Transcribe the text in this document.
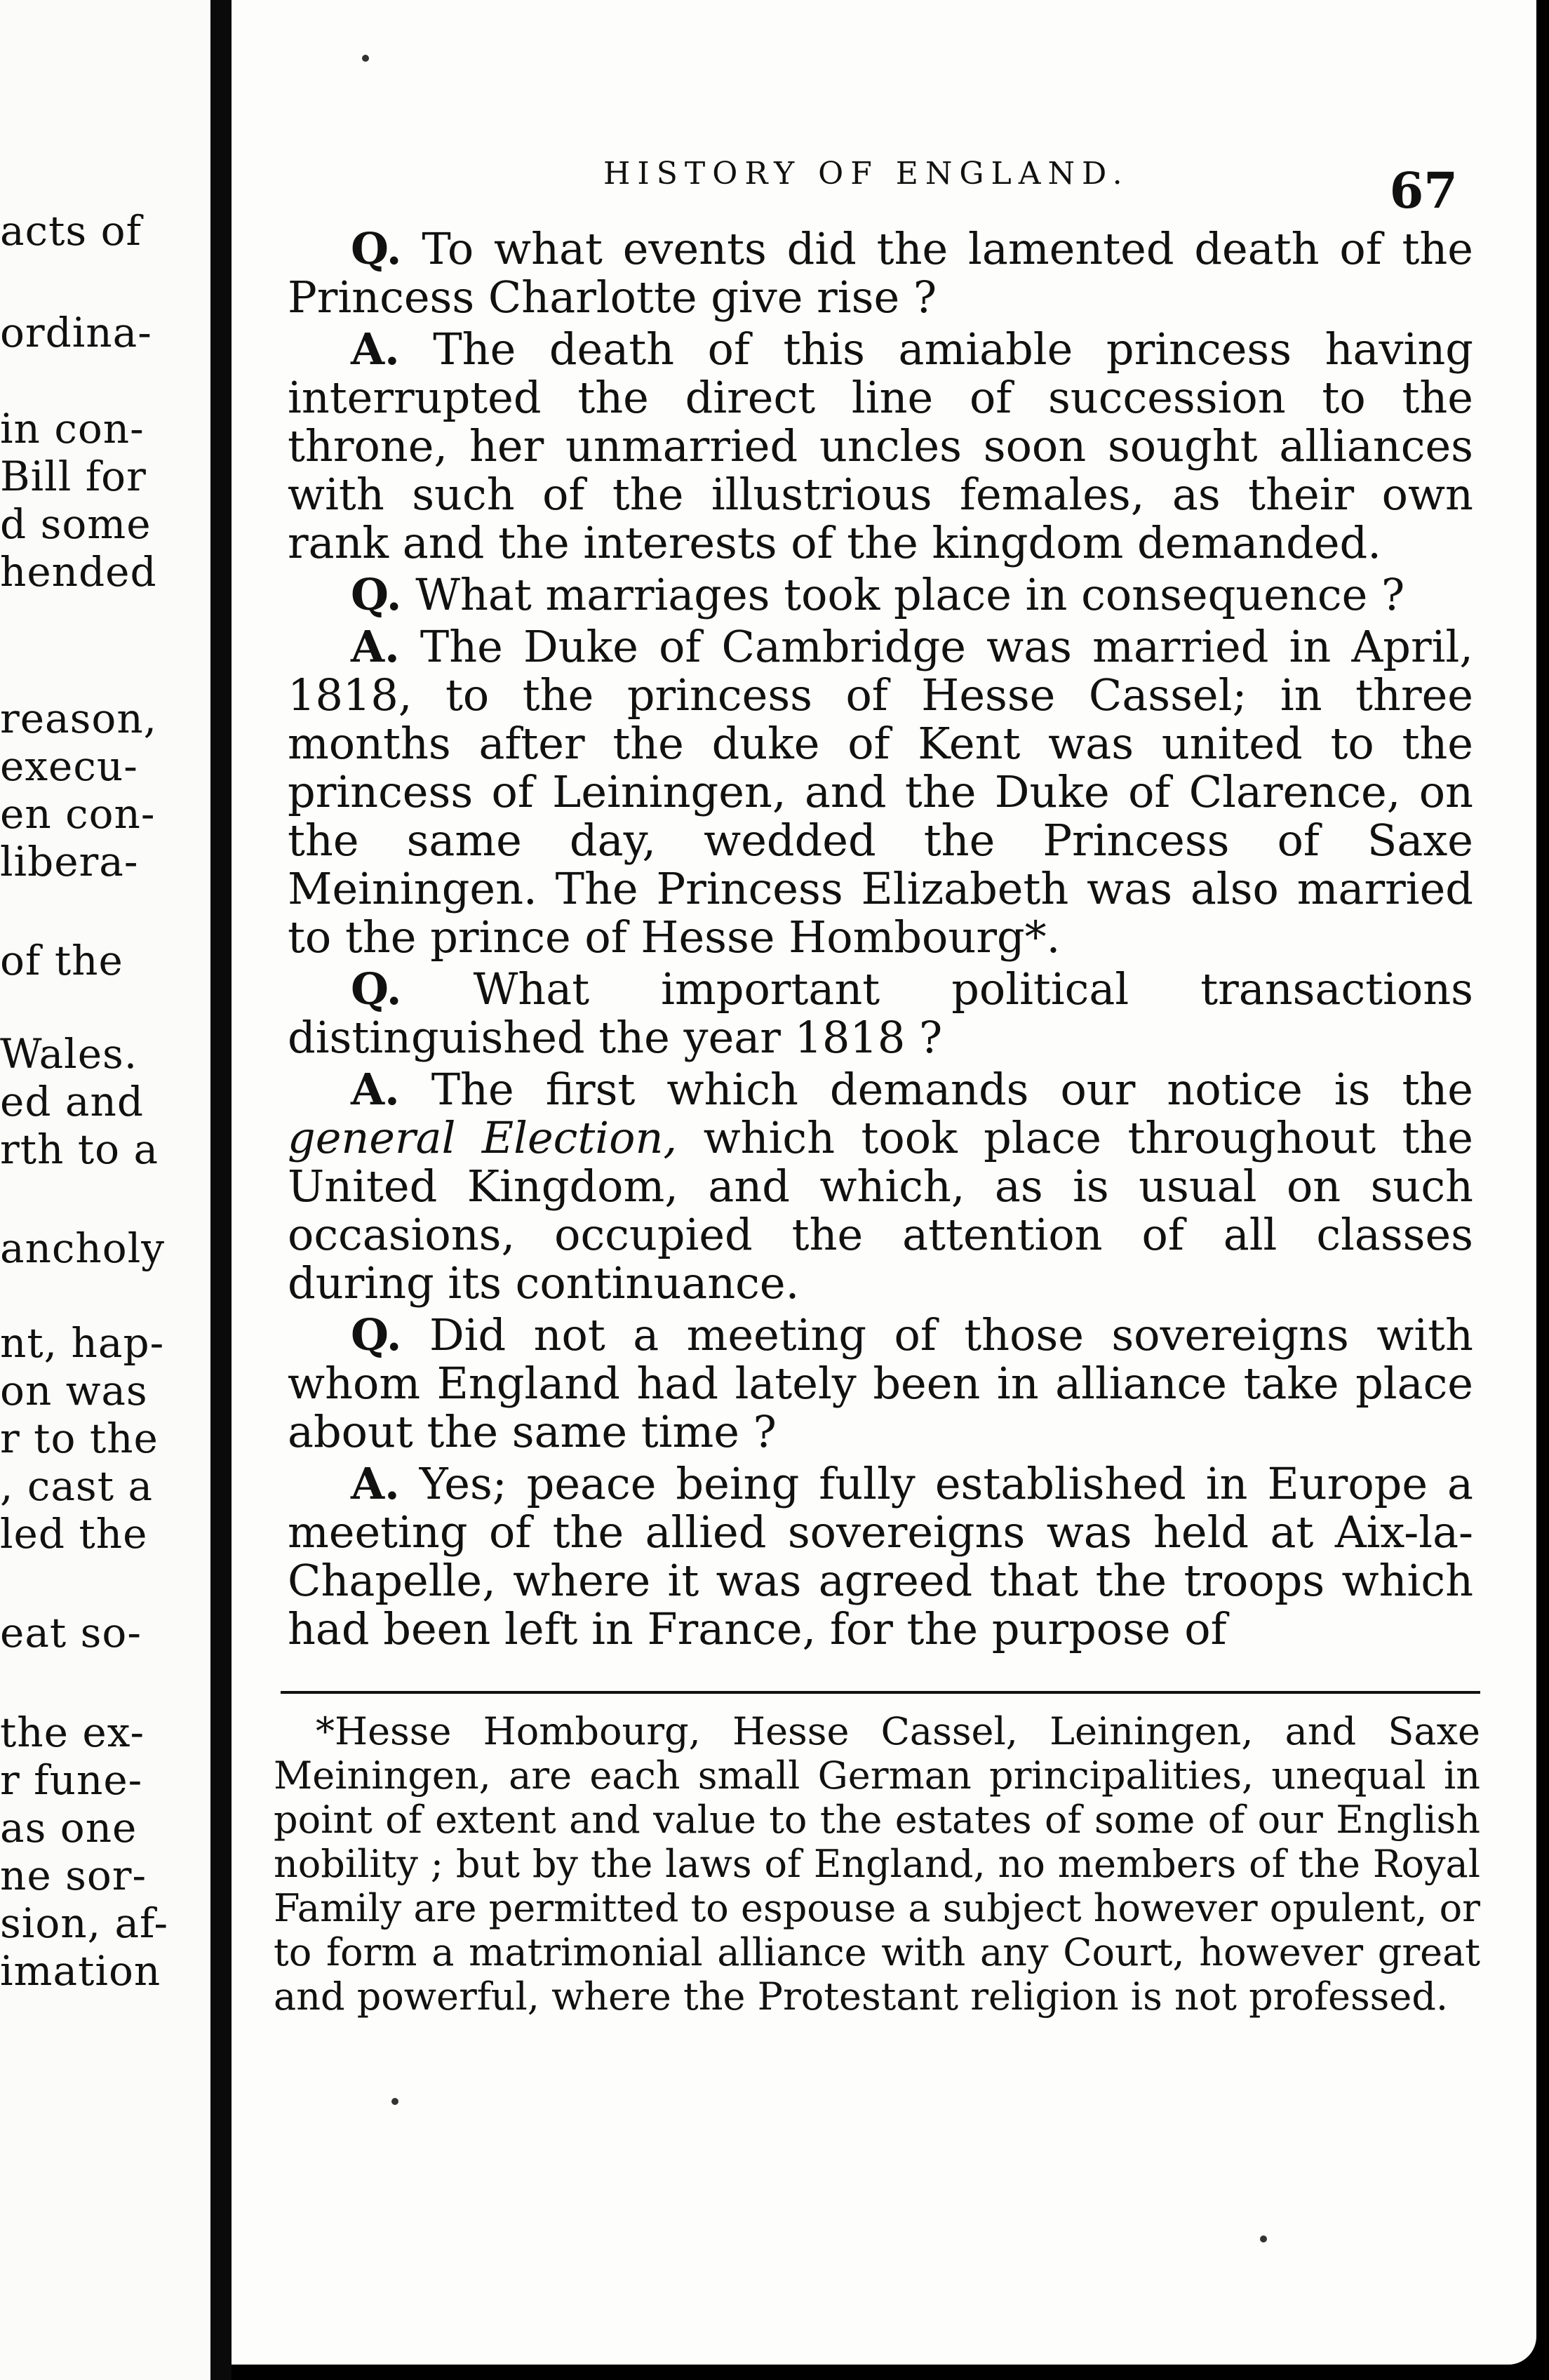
acts of
ordina-
in con-
Bill for
d some
hended
reason,
execu-
en con-
libera-
of the
Wales.
ed and
rth to a
ancholy
nt, hap-
on was
r to the
, cast a
led the
eat so-
the ex-
r fune-
as one
ne sor-
sion, af-
imation
HISTORY OF ENGLAND.	67

Q. To what events did the lamented death of the Princess Charlotte give rise ?

A. The death of this amiable princess having interrupted the direct line of succession to the throne, her unmarried uncles soon sought alliances with such of the illustrious females, as their own rank and the interests of the kingdom demanded.

Q. What marriages took place in consequence ?

A. The Duke of Cambridge was married in April, 1818, to the princess of Hesse Cassel; in three months after the duke of Kent was united to the princess of Leiningen, and the Duke of Clarence, on the same day, wedded the Princess of Saxe Meiningen. The Princess Elizabeth was also married to the prince of Hesse Hombourg*.

Q. What important political transactions distinguished the year 1818 ?

A. The first which demands our notice is the general Election, which took place throughout the United Kingdom, and which, as is usual on such occasions, occupied the attention of all classes during its continuance.

Q. Did not a meeting of those sovereigns with whom England had lately been in alliance take place about the same time ?

A. Yes; peace being fully established in Europe a meeting of the allied sovereigns was held at Aix-la-Chapelle, where it was agreed that the troops which had been left in France, for the purpose of

*Hesse Hombourg, Hesse Cassel, Leiningen, and Saxe Meiningen, are each small German principalities, unequal in point of extent and value to the estates of some of our English nobility ; but by the laws of England, no members of the Royal Family are permitted to espouse a subject however opulent, or to form a matrimonial alliance with any Court, however great and powerful, where the Protestant religion is not professed.
